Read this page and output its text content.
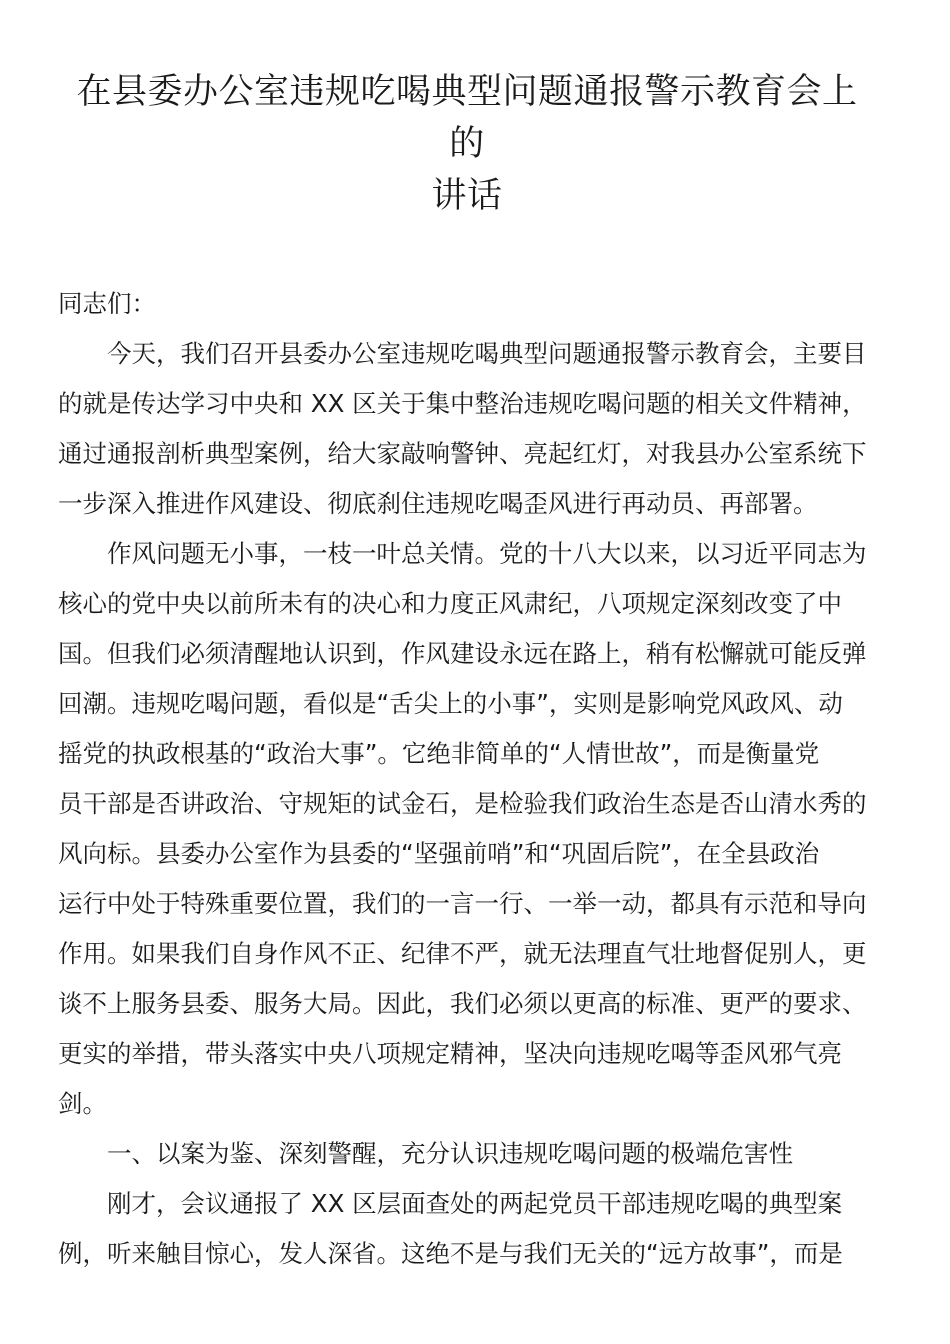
在县委办公室违规吃喝典型问题通报警示教育会上的
讲话

同志们：

今天，我们召开县委办公室违规吃喝典型问题通报警示教育会，主要目
的就是传达学习中央和 XX 区关于集中整治违规吃喝问题的相关文件精神，
通过通报剖析典型案例，给大家敲响警钟、亮起红灯，对我县办公室系统下
一步深入推进作风建设、彻底刹住违规吃喝歪风进行再动员、再部署。

作风问题无小事，一枝一叶总关情。党的十八大以来，以习近平同志为
核心的党中央以前所未有的决心和力度正风肃纪，八项规定深刻改变了中
国。但我们必须清醒地认识到，作风建设永远在路上，稍有松懈就可能反弹
回潮。违规吃喝问题，看似是“舌尖上的小事”，实则是影响党风政风、动
摇党的执政根基的“政治大事”。它绝非简单的“人情世故”，而是衡量党
员干部是否讲政治、守规矩的试金石，是检验我们政治生态是否山清水秀的
风向标。县委办公室作为县委的“坚强前哨”和“巩固后院”，在全县政治
运行中处于特殊重要位置，我们的一言一行、一举一动，都具有示范和导向
作用。如果我们自身作风不正、纪律不严，就无法理直气壮地督促别人，更
谈不上服务县委、服务大局。因此，我们必须以更高的标准、更严的要求、
更实的举措，带头落实中央八项规定精神，坚决向违规吃喝等歪风邪气亮
剑。

一、以案为鉴、深刻警醒，充分认识违规吃喝问题的极端危害性

刚才，会议通报了 XX 区层面查处的两起党员干部违规吃喝的典型案
例，听来触目惊心，发人深省。这绝不是与我们无关的“远方故事”，而是
